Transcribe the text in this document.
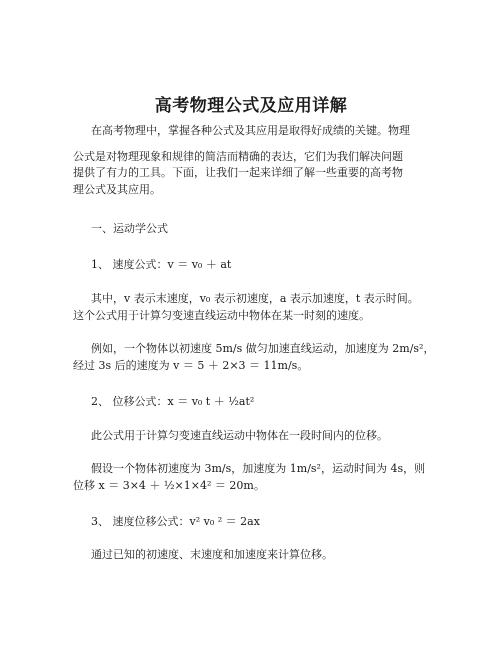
高考物理公式及应用详解
在高考物理中，掌握各种公式及其应用是取得好成绩的关键。物理
公式是对物理现象和规律的简洁而精确的表达，它们为我们解决问题
提供了有力的工具。下面，让我们一起来详细了解一些重要的高考物
理公式及其应用。
一、运动学公式
1、 速度公式：v ＝ v₀ ＋ at
其中，v 表示末速度，v₀ 表示初速度，a 表示加速度，t 表示时间。
这个公式用于计算匀变速直线运动中物体在某一时刻的速度。
例如，一个物体以初速度 5m/s 做匀加速直线运动，加速度为 2m/s²，
经过 3s 后的速度为 v ＝ 5 ＋ 2×3 ＝ 11m/s。
2、 位移公式：x ＝ v₀ t ＋ ½at²
此公式用于计算匀变速直线运动中物体在一段时间内的位移。
假设一个物体初速度为 3m/s，加速度为 1m/s²，运动时间为 4s，则
位移 x ＝ 3×4 ＋ ½×1×4² ＝ 20m。
3、 速度位移公式：v² v₀ ² ＝ 2ax
通过已知的初速度、末速度和加速度来计算位移。
